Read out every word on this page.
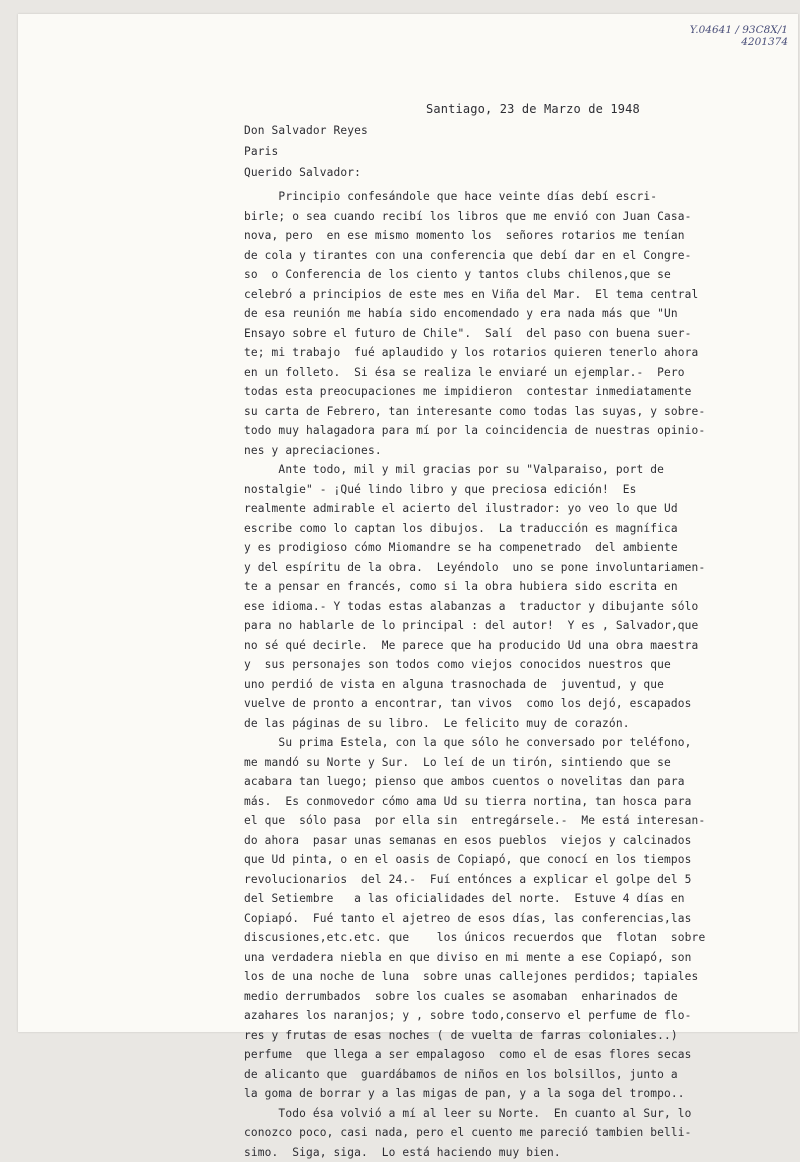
Y.04641 / 93C8X/1
4201374
Santiago, 23 de Marzo de 1948
Don Salvador Reyes
Paris
Querido Salvador:
Principio confesándole que hace veinte días debí escri-
birle; o sea cuando recibí los libros que me envió con Juan Casa-
nova, pero  en ese mismo momento los  señores rotarios me tenían
de cola y tirantes con una conferencia que debí dar en el Congre-
so  o Conferencia de los ciento y tantos clubs chilenos,que se
celebró a principios de este mes en Viña del Mar.  El tema central
de esa reunión me había sido encomendado y era nada más que "Un
Ensayo sobre el futuro de Chile".  Salí  del paso con buena suer-
te; mi trabajo  fué aplaudido y los rotarios quieren tenerlo ahora
en un folleto.  Si ésa se realiza le enviaré un ejemplar.-  Pero
todas esta preocupaciones me impidieron  contestar inmediatamente
su carta de Febrero, tan interesante como todas las suyas, y sobre-
todo muy halagadora para mí por la coincidencia de nuestras opinio-
nes y apreciaciones.
Ante todo, mil y mil gracias por su "Valparaiso, port de
nostalgie" - ¡Qué lindo libro y que preciosa edición!  Es
realmente admirable el acierto del ilustrador: yo veo lo que Ud
escribe como lo captan los dibujos.  La traducción es magnífica
y es prodigioso cómo Miomandre se ha compenetrado  del ambiente
y del espíritu de la obra.  Leyéndolo  uno se pone involuntariamen-
te a pensar en francés, como si la obra hubiera sido escrita en
ese idioma.- Y todas estas alabanzas a  traductor y dibujante sólo
para no hablarle de lo principal : del autor!  Y es , Salvador,que
no sé qué decirle.  Me parece que ha producido Ud una obra maestra
y  sus personajes son todos como viejos conocidos nuestros que
uno perdió de vista en alguna trasnochada de  juventud, y que
vuelve de pronto a encontrar, tan vivos  como los dejó, escapados
de las páginas de su libro.  Le felicito muy de corazón.
Su prima Estela, con la que sólo he conversado por teléfono,
me mandó su Norte y Sur.  Lo leí de un tirón, sintiendo que se
acabara tan luego; pienso que ambos cuentos o novelitas dan para
más.  Es conmovedor cómo ama Ud su tierra nortina, tan hosca para
el que  sólo pasa  por ella sin  entregársele.-  Me está interesan-
do ahora  pasar unas semanas en esos pueblos  viejos y calcinados
que Ud pinta, o en el oasis de Copiapó, que conocí en los tiempos
revolucionarios  del 24.-  Fuí entónces a explicar el golpe del 5
del Setiembre   a las oficialidades del norte.  Estuve 4 días en
Copiapó.  Fué tanto el ajetreo de esos días, las conferencias,las
discusiones,etc.etc. que    los únicos recuerdos que  flotan  sobre
una verdadera niebla en que diviso en mi mente a ese Copiapó, son
los de una noche de luna  sobre unas callejones perdidos; tapiales
medio derrumbados  sobre los cuales se asomaban  enharinados de
azahares los naranjos; y , sobre todo,conservo el perfume de flo-
res y frutas de esas noches ( de vuelta de farras coloniales..)
perfume  que llega a ser empalagoso  como el de esas flores secas
de alicanto que  guardábamos de niños en los bolsillos, junto a
la goma de borrar y a las migas de pan, y a la soga del trompo..
Todo ésa volvió a mí al leer su Norte.  En cuanto al Sur, lo
conozco poco, casi nada, pero el cuento me pareció tambien belli-
simo.  Siga, siga.  Lo está haciendo muy bien.
